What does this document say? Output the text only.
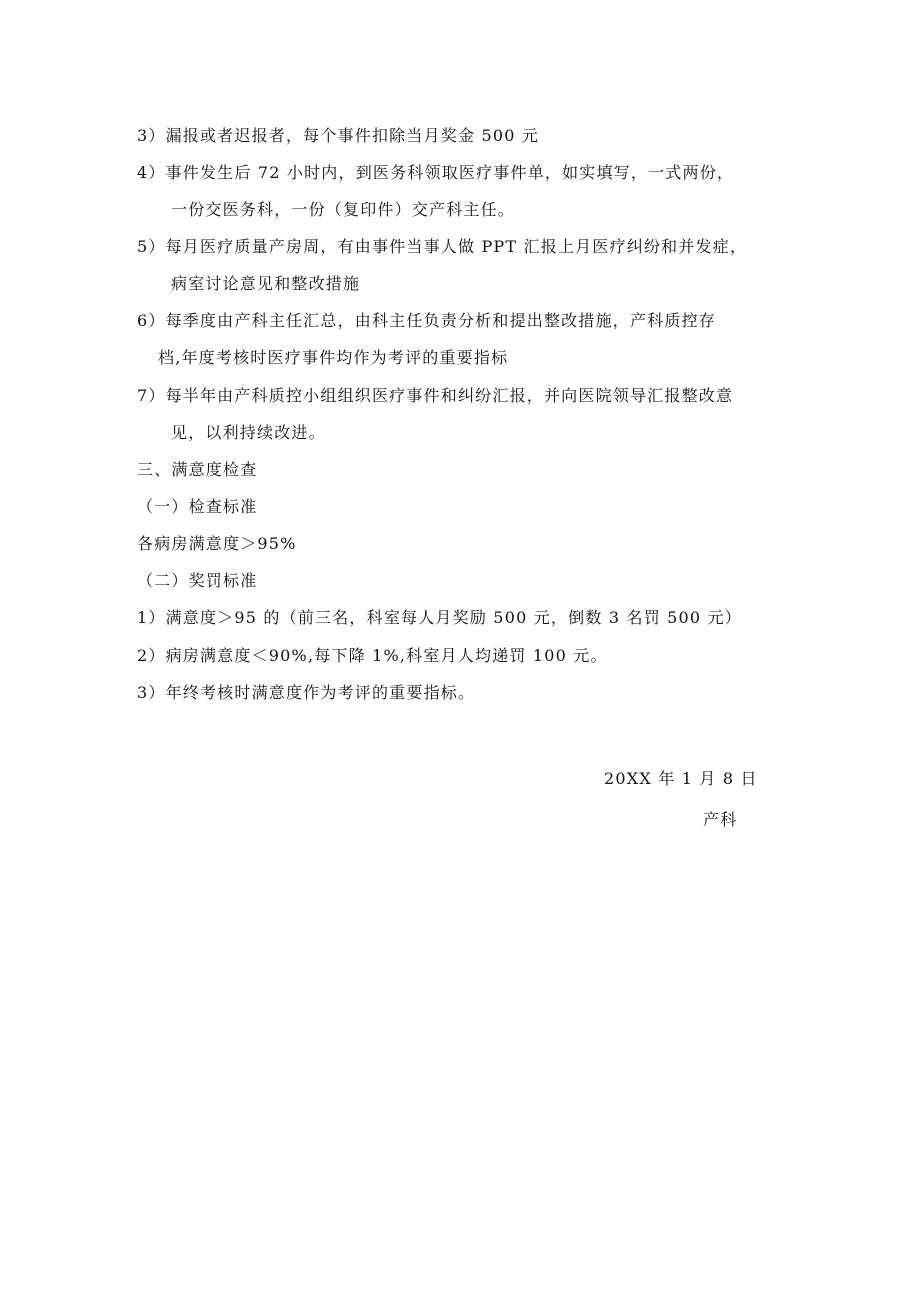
3）漏报或者迟报者，每个事件扣除当月奖金 500 元
4）事件发生后 72 小时内，到医务科领取医疗事件单，如实填写，一式两份，
一份交医务科，一份（复印件）交产科主任。
5）每月医疗质量产房周，有由事件当事人做 PPT 汇报上月医疗纠纷和并发症，
病室讨论意见和整改措施
6）每季度由产科主任汇总，由科主任负责分析和提出整改措施，产科质控存
档,年度考核时医疗事件均作为考评的重要指标
7）每半年由产科质控小组组织医疗事件和纠纷汇报，并向医院领导汇报整改意
见，以利持续改进。
三、满意度检查
（一）检查标准
各病房满意度＞95%
（二）奖罚标准
1）满意度＞95 的（前三名，科室每人月奖励 500 元，倒数 3 名罚 500 元）
2）病房满意度＜90%,每下降 1%,科室月人均递罚 100 元。
3）年终考核时满意度作为考评的重要指标。
20XX 年 1 月 8 日
产科
